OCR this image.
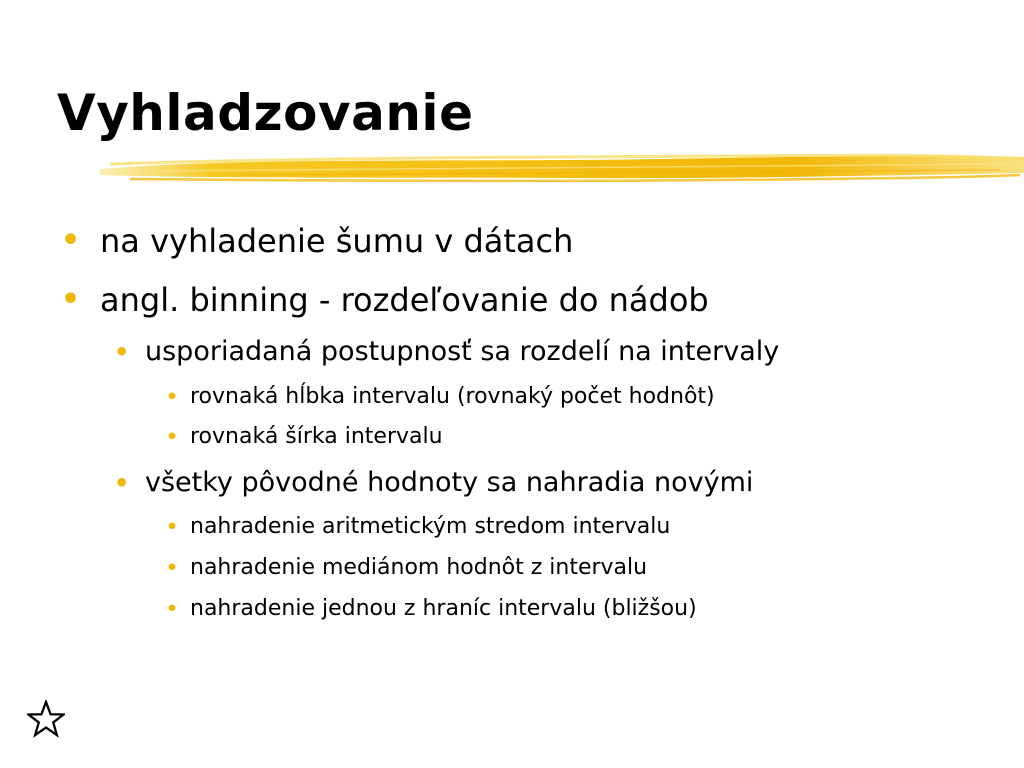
Vyhladzovanie
• na vyhladenie šumu v dátach
• angl. binning - rozdeľovanie do nádob
• usporiadaná postupnosť sa rozdelí na intervaly
• rovnaká hĺbka intervalu (rovnaký počet hodnôt)
• rovnaká šírka intervalu
• všetky pôvodné hodnoty sa nahradia novými
• nahradenie aritmetickým stredom intervalu
• nahradenie mediánom hodnôt z intervalu
• nahradenie jednou z hraníc intervalu (bližšou)
